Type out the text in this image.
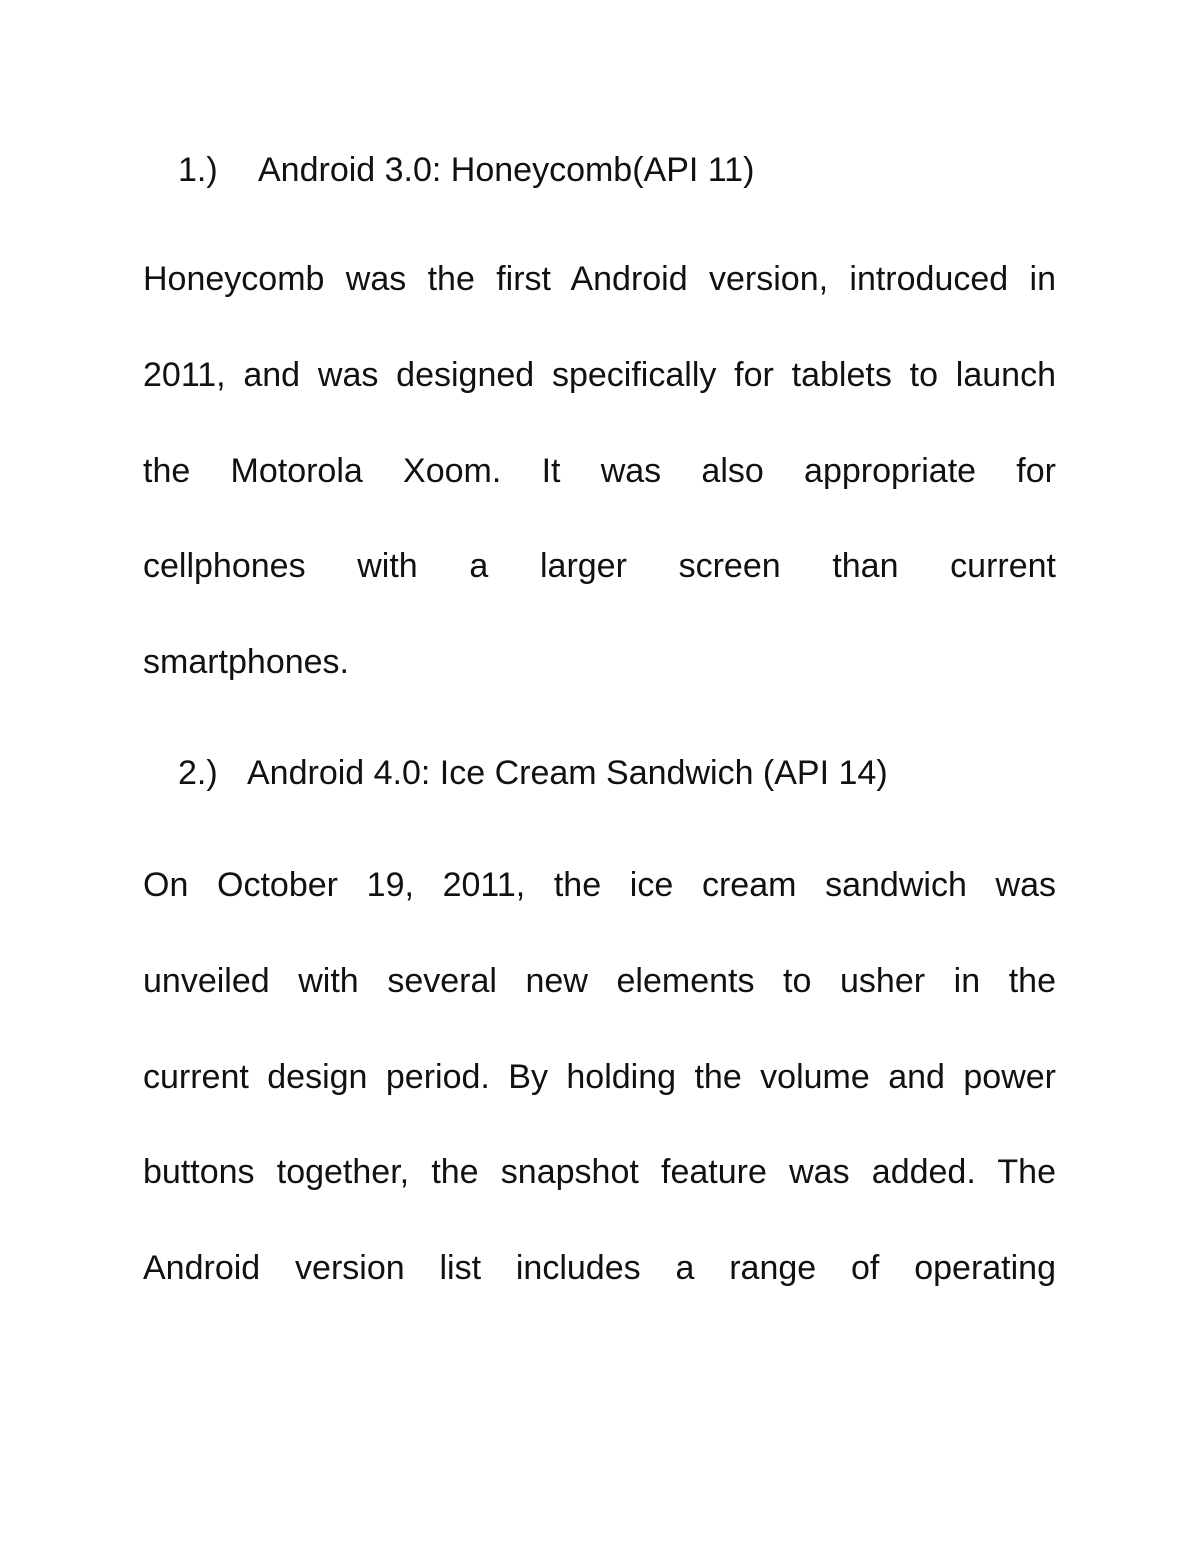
1.) Android 3.0: Honeycomb(API 11)
Honeycomb was the first Android version, introduced in
2011, and was designed specifically for tablets to launch
the Motorola Xoom. It was also appropriate for
cellphones with a larger screen than current
smartphones.
2.) Android 4.0: Ice Cream Sandwich (API 14)
On October 19, 2011, the ice cream sandwich was
unveiled with several new elements to usher in the
current design period. By holding the volume and power
buttons together, the snapshot feature was added. The
Android version list includes a range of operating
